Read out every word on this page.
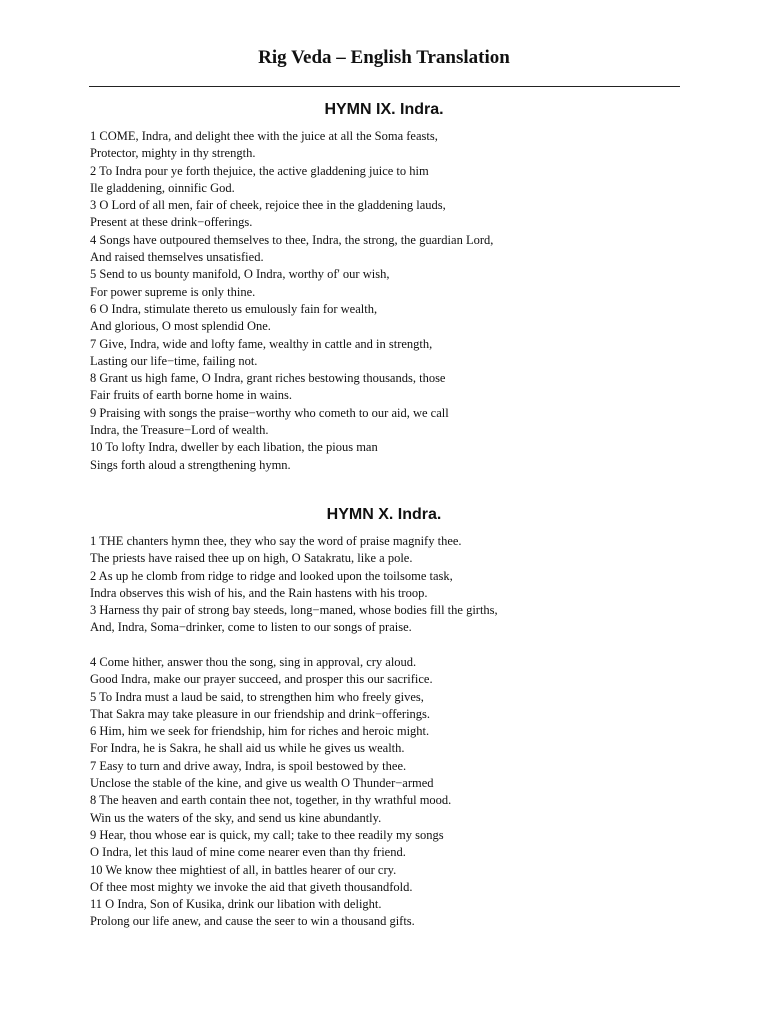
Rig Veda – English Translation
HYMN IX. Indra.
1 COME, Indra, and delight thee with the juice at all the Soma feasts,
Protector, mighty in thy strength.
2 To Indra pour ye forth thejuice, the active gladdening juice to him
Ile gladdening, oinnific God.
3 O Lord of all men, fair of cheek, rejoice thee in the gladdening lauds,
Present at these drink−offerings.
4 Songs have outpoured themselves to thee, Indra, the strong, the guardian Lord,
And raised themselves unsatisfied.
5 Send to us bounty manifold, O Indra, worthy of' our wish,
For power supreme is only thine.
6 O Indra, stimulate thereto us emulously fain for wealth,
And glorious, O most splendid One.
7 Give, Indra, wide and lofty fame, wealthy in cattle and in strength,
Lasting our life−time, failing not.
8 Grant us high fame, O Indra, grant riches bestowing thousands, those
Fair fruits of earth borne home in wains.
9 Praising with songs the praise−worthy who cometh to our aid, we call
Indra, the Treasure−Lord of wealth.
10 To lofty Indra, dweller by each libation, the pious man
Sings forth aloud a strengthening hymn.
HYMN X. Indra.
1 THE chanters hymn thee, they who say the word of praise magnify thee.
The priests have raised thee up on high, O Satakratu, like a pole.
2 As up he clomb from ridge to ridge and looked upon the toilsome task,
Indra observes this wish of his, and the Rain hastens with his troop.
3 Harness thy pair of strong bay steeds, long−maned, whose bodies fill the girths,
And, Indra, Soma−drinker, come to listen to our songs of praise.
4 Come hither, answer thou the song, sing in approval, cry aloud.
Good Indra, make our prayer succeed, and prosper this our sacrifice.
5 To Indra must a laud be said, to strengthen him who freely gives,
That Sakra may take pleasure in our friendship and drink−offerings.
6 Him, him we seek for friendship, him for riches and heroic might.
For Indra, he is Sakra, he shall aid us while he gives us wealth.
7 Easy to turn and drive away, Indra, is spoil bestowed by thee.
Unclose the stable of the kine, and give us wealth O Thunder−armed
8 The heaven and earth contain thee not, together, in thy wrathful mood.
Win us the waters of the sky, and send us kine abundantly.
9 Hear, thou whose ear is quick, my call; take to thee readily my songs
O Indra, let this laud of mine come nearer even than thy friend.
10 We know thee mightiest of all, in battles hearer of our cry.
Of thee most mighty we invoke the aid that giveth thousandfold.
11 O Indra, Son of Kusika, drink our libation with delight.
Prolong our life anew, and cause the seer to win a thousand gifts.
